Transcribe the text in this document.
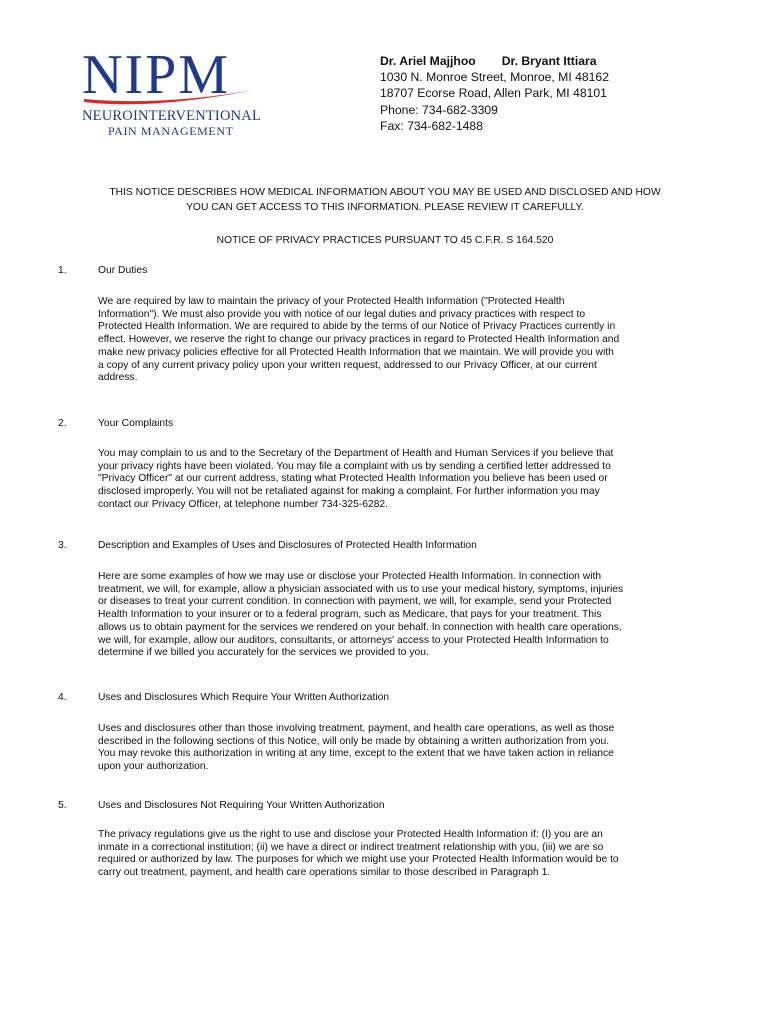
NIPM
NEUROINTERVENTIONAL
PAIN MANAGEMENT
Dr. Ariel Majjhoo Dr. Bryant Ittiara
1030 N. Monroe Street, Monroe, MI 48162
18707 Ecorse Road, Allen Park, MI 48101
Phone: 734-682-3309
Fax: 734-682-1488
THIS NOTICE DESCRIBES HOW MEDICAL INFORMATION ABOUT YOU MAY BE USED AND DISCLOSED AND HOW
YOU CAN GET ACCESS TO THIS INFORMATION. PLEASE REVIEW IT CAREFULLY.
NOTICE OF PRIVACY PRACTICES PURSUANT TO 45 C.F.R. S 164.520
1.	Our Duties
We are required by law to maintain the privacy of your Protected Health Information ("Protected Health
Information"). We must also provide you with notice of our legal duties and privacy practices with respect to
Protected Health Information. We are required to abide by the terms of our Notice of Privacy Practices currently in
effect. However, we reserve the right to change our privacy practices in regard to Protected Health Information and
make new privacy policies effective for all Protected Health Information that we maintain. We will provide you with
a copy of any current privacy policy upon your written request, addressed to our Privacy Officer, at our current
address.
2.	Your Complaints
You may complain to us and to the Secretary of the Department of Health and Human Services if you believe that
your privacy rights have been violated. You may file a complaint with us by sending a certified letter addressed to
"Privacy Officer" at our current address, stating what Protected Health Information you believe has been used or
disclosed improperly. You will not be retaliated against for making a complaint. For further information you may
contact our Privacy Officer, at telephone number 734-325-6282.
3.	Description and Examples of Uses and Disclosures of Protected Health Information
Here are some examples of how we may use or disclose your Protected Health Information. In connection with
treatment, we will, for example, allow a physician associated with us to use your medical history, symptoms, injuries
or diseases to treat your current condition. In connection with payment, we will, for example, send your Protected
Health Information to your insurer or to a federal program, such as Medicare, that pays for your treatment. This
allows us to obtain payment for the services we rendered on your behalf. In connection with health care operations,
we will, for example, allow our auditors, consultants, or attorneys' access to your Protected Health Information to
determine if we billed you accurately for the services we provided to you.
4.	Uses and Disclosures Which Require Your Written Authorization
Uses and disclosures other than those involving treatment, payment, and health care operations, as well as those
described in the following sections of this Notice, will only be made by obtaining a written authorization from you.
You may revoke this authorization in writing at any time, except to the extent that we have taken action in reliance
upon your authorization.
5.	Uses and Disclosures Not Requiring Your Written Authorization
The privacy regulations give us the right to use and disclose your Protected Health Information if: (I) you are an
inmate in a correctional institution; (ii) we have a direct or indirect treatment relationship with you, (iii) we are so
required or authorized by law. The purposes for which we might use your Protected Health Information would be to
carry out treatment, payment, and health care operations similar to those described in Paragraph 1.
